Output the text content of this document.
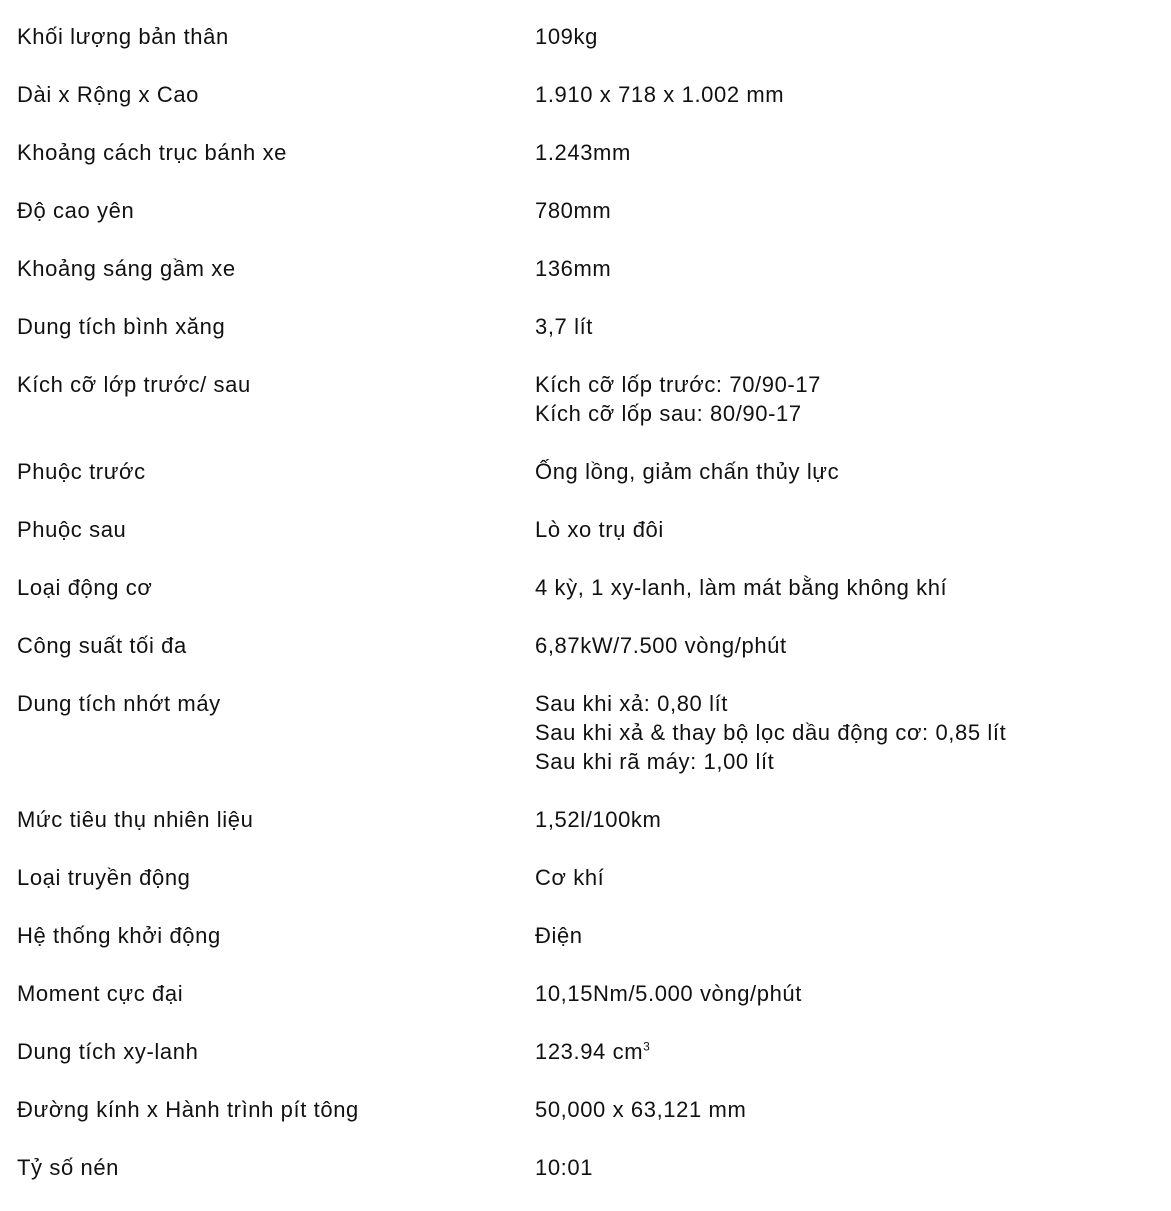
Khối lượng bản thân	109kg
Dài x Rộng x Cao	1.910 x 718 x 1.002 mm
Khoảng cách trục bánh xe	1.243mm
Độ cao yên	780mm
Khoảng sáng gầm xe	136mm
Dung tích bình xăng	3,7 lít
Kích cỡ lớp trước/ sau	Kích cỡ lốp trước: 70/90-17
Kích cỡ lốp sau: 80/90-17
Phuộc trước	Ống lồng, giảm chấn thủy lực
Phuộc sau	Lò xo trụ đôi
Loại động cơ	4 kỳ, 1 xy-lanh, làm mát bằng không khí
Công suất tối đa	6,87kW/7.500 vòng/phút
Dung tích nhớt máy	Sau khi xả: 0,80 lít
Sau khi xả & thay bộ lọc dầu động cơ: 0,85 lít
Sau khi rã máy: 1,00 lít
Mức tiêu thụ nhiên liệu	1,52l/100km
Loại truyền động	Cơ khí
Hệ thống khởi động	Điện
Moment cực đại	10,15Nm/5.000 vòng/phút
Dung tích xy-lanh	123.94 $cm^3$
Đường kính x Hành trình pít tông	50,000 x 63,121 mm
Tỷ số nén	10:01
